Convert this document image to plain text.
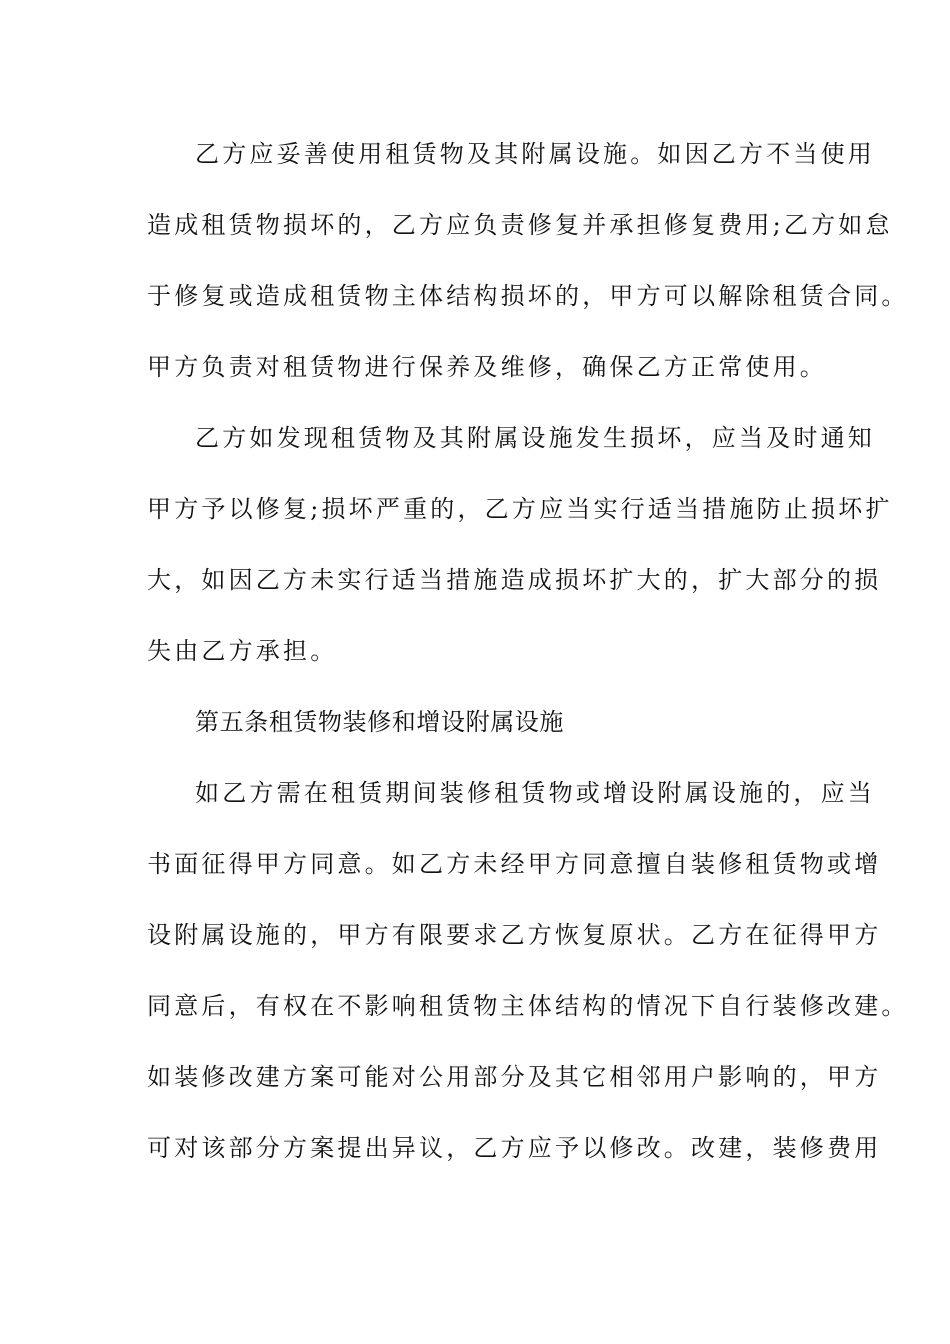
乙方应妥善使用租赁物及其附属设施。如因乙方不当使用
造成租赁物损坏的，乙方应负责修复并承担修复费用;乙方如怠
于修复或造成租赁物主体结构损坏的，甲方可以解除租赁合同。
甲方负责对租赁物进行保养及维修，确保乙方正常使用。
乙方如发现租赁物及其附属设施发生损坏，应当及时通知
甲方予以修复;损坏严重的，乙方应当实行适当措施防止损坏扩
大，如因乙方未实行适当措施造成损坏扩大的，扩大部分的损
失由乙方承担。
第五条租赁物装修和增设附属设施
如乙方需在租赁期间装修租赁物或增设附属设施的，应当
书面征得甲方同意。如乙方未经甲方同意擅自装修租赁物或增
设附属设施的，甲方有限要求乙方恢复原状。乙方在征得甲方
同意后，有权在不影响租赁物主体结构的情况下自行装修改建。
如装修改建方案可能对公用部分及其它相邻用户影响的，甲方
可对该部分方案提出异议，乙方应予以修改。改建，装修费用
